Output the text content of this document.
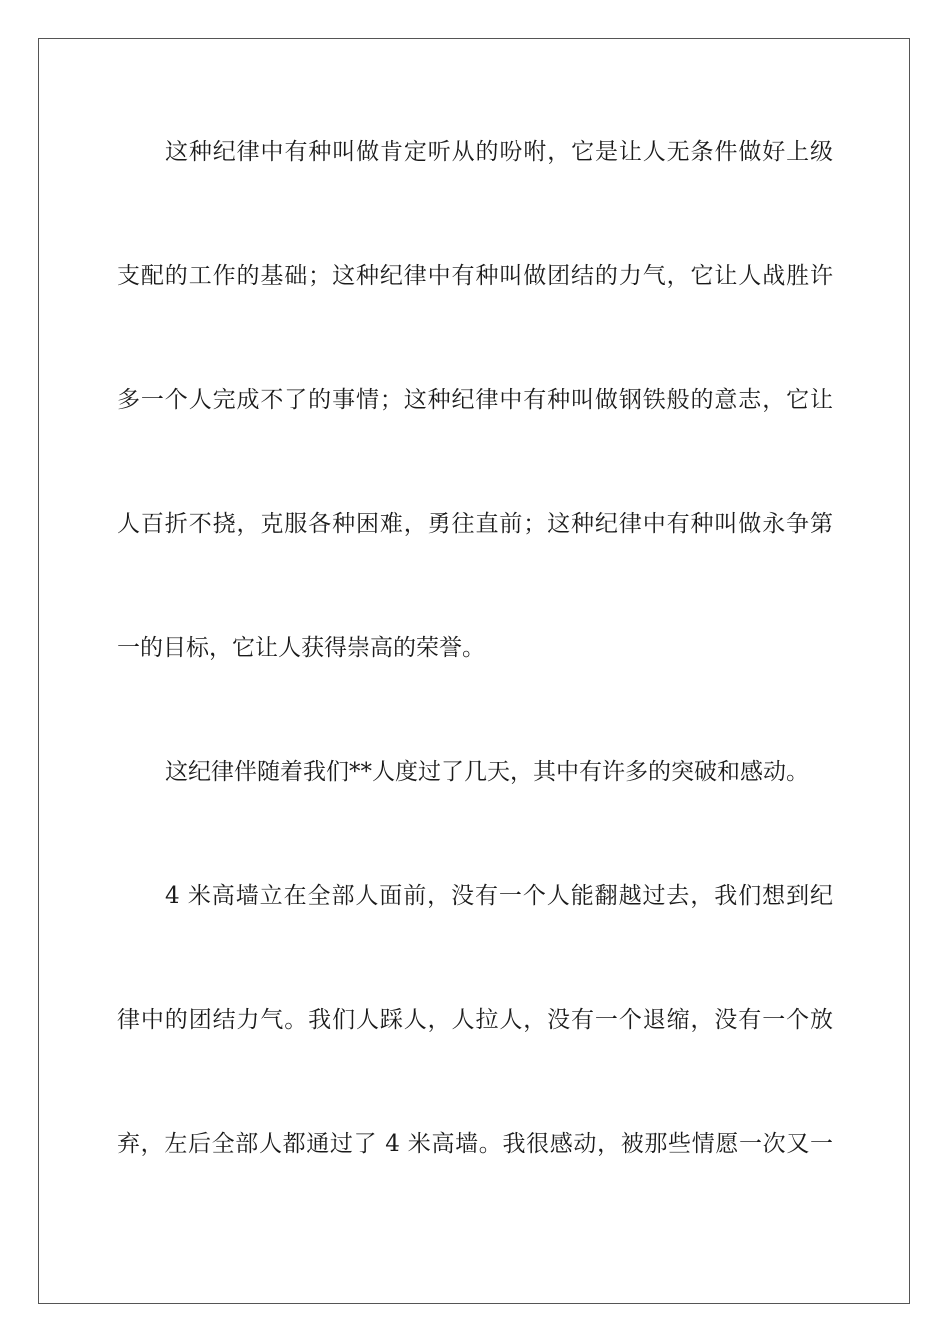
这种纪律中有种叫做肯定听从的吩咐，它是让人无条件做好上级
支配的工作的基础；这种纪律中有种叫做团结的力气，它让人战胜许
多一个人完成不了的事情；这种纪律中有种叫做钢铁般的意志，它让
人百折不挠，克服各种困难，勇往直前；这种纪律中有种叫做永争第
一的目标，它让人获得崇高的荣誉。
这纪律伴随着我们**人度过了几天，其中有许多的突破和感动。
4 米高墙立在全部人面前，没有一个人能翻越过去，我们想到纪
律中的团结力气。我们人踩人，人拉人，没有一个退缩，没有一个放
弃，左后全部人都通过了 4 米高墙。我很感动，被那些情愿一次又一
